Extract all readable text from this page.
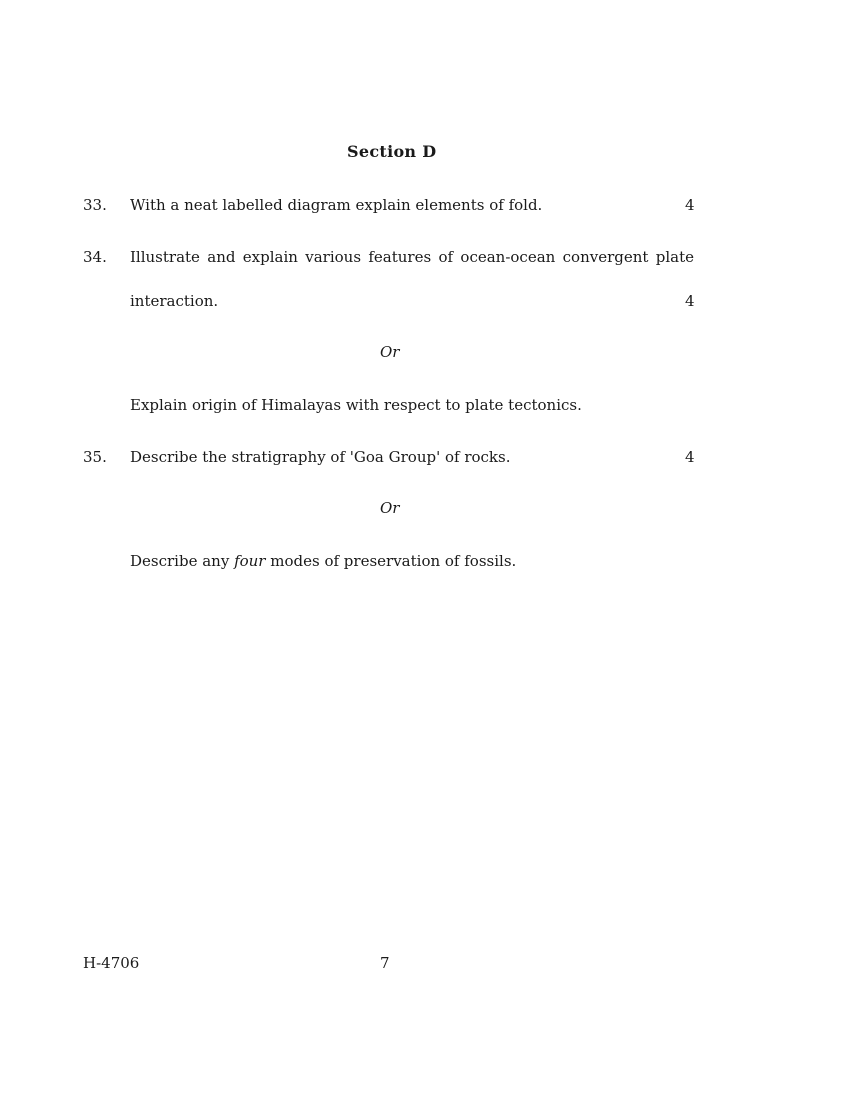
Section D
33. With a neat labelled diagram explain elements of fold.	4
34. Illustrate and explain various features of ocean-ocean convergent plate
interaction.	4
Or
Explain origin of Himalayas with respect to plate tectonics.
35. Describe the stratigraphy of 'Goa Group' of rocks.	4
Or
Describe any four modes of preservation of fossils.
H-4706	7
